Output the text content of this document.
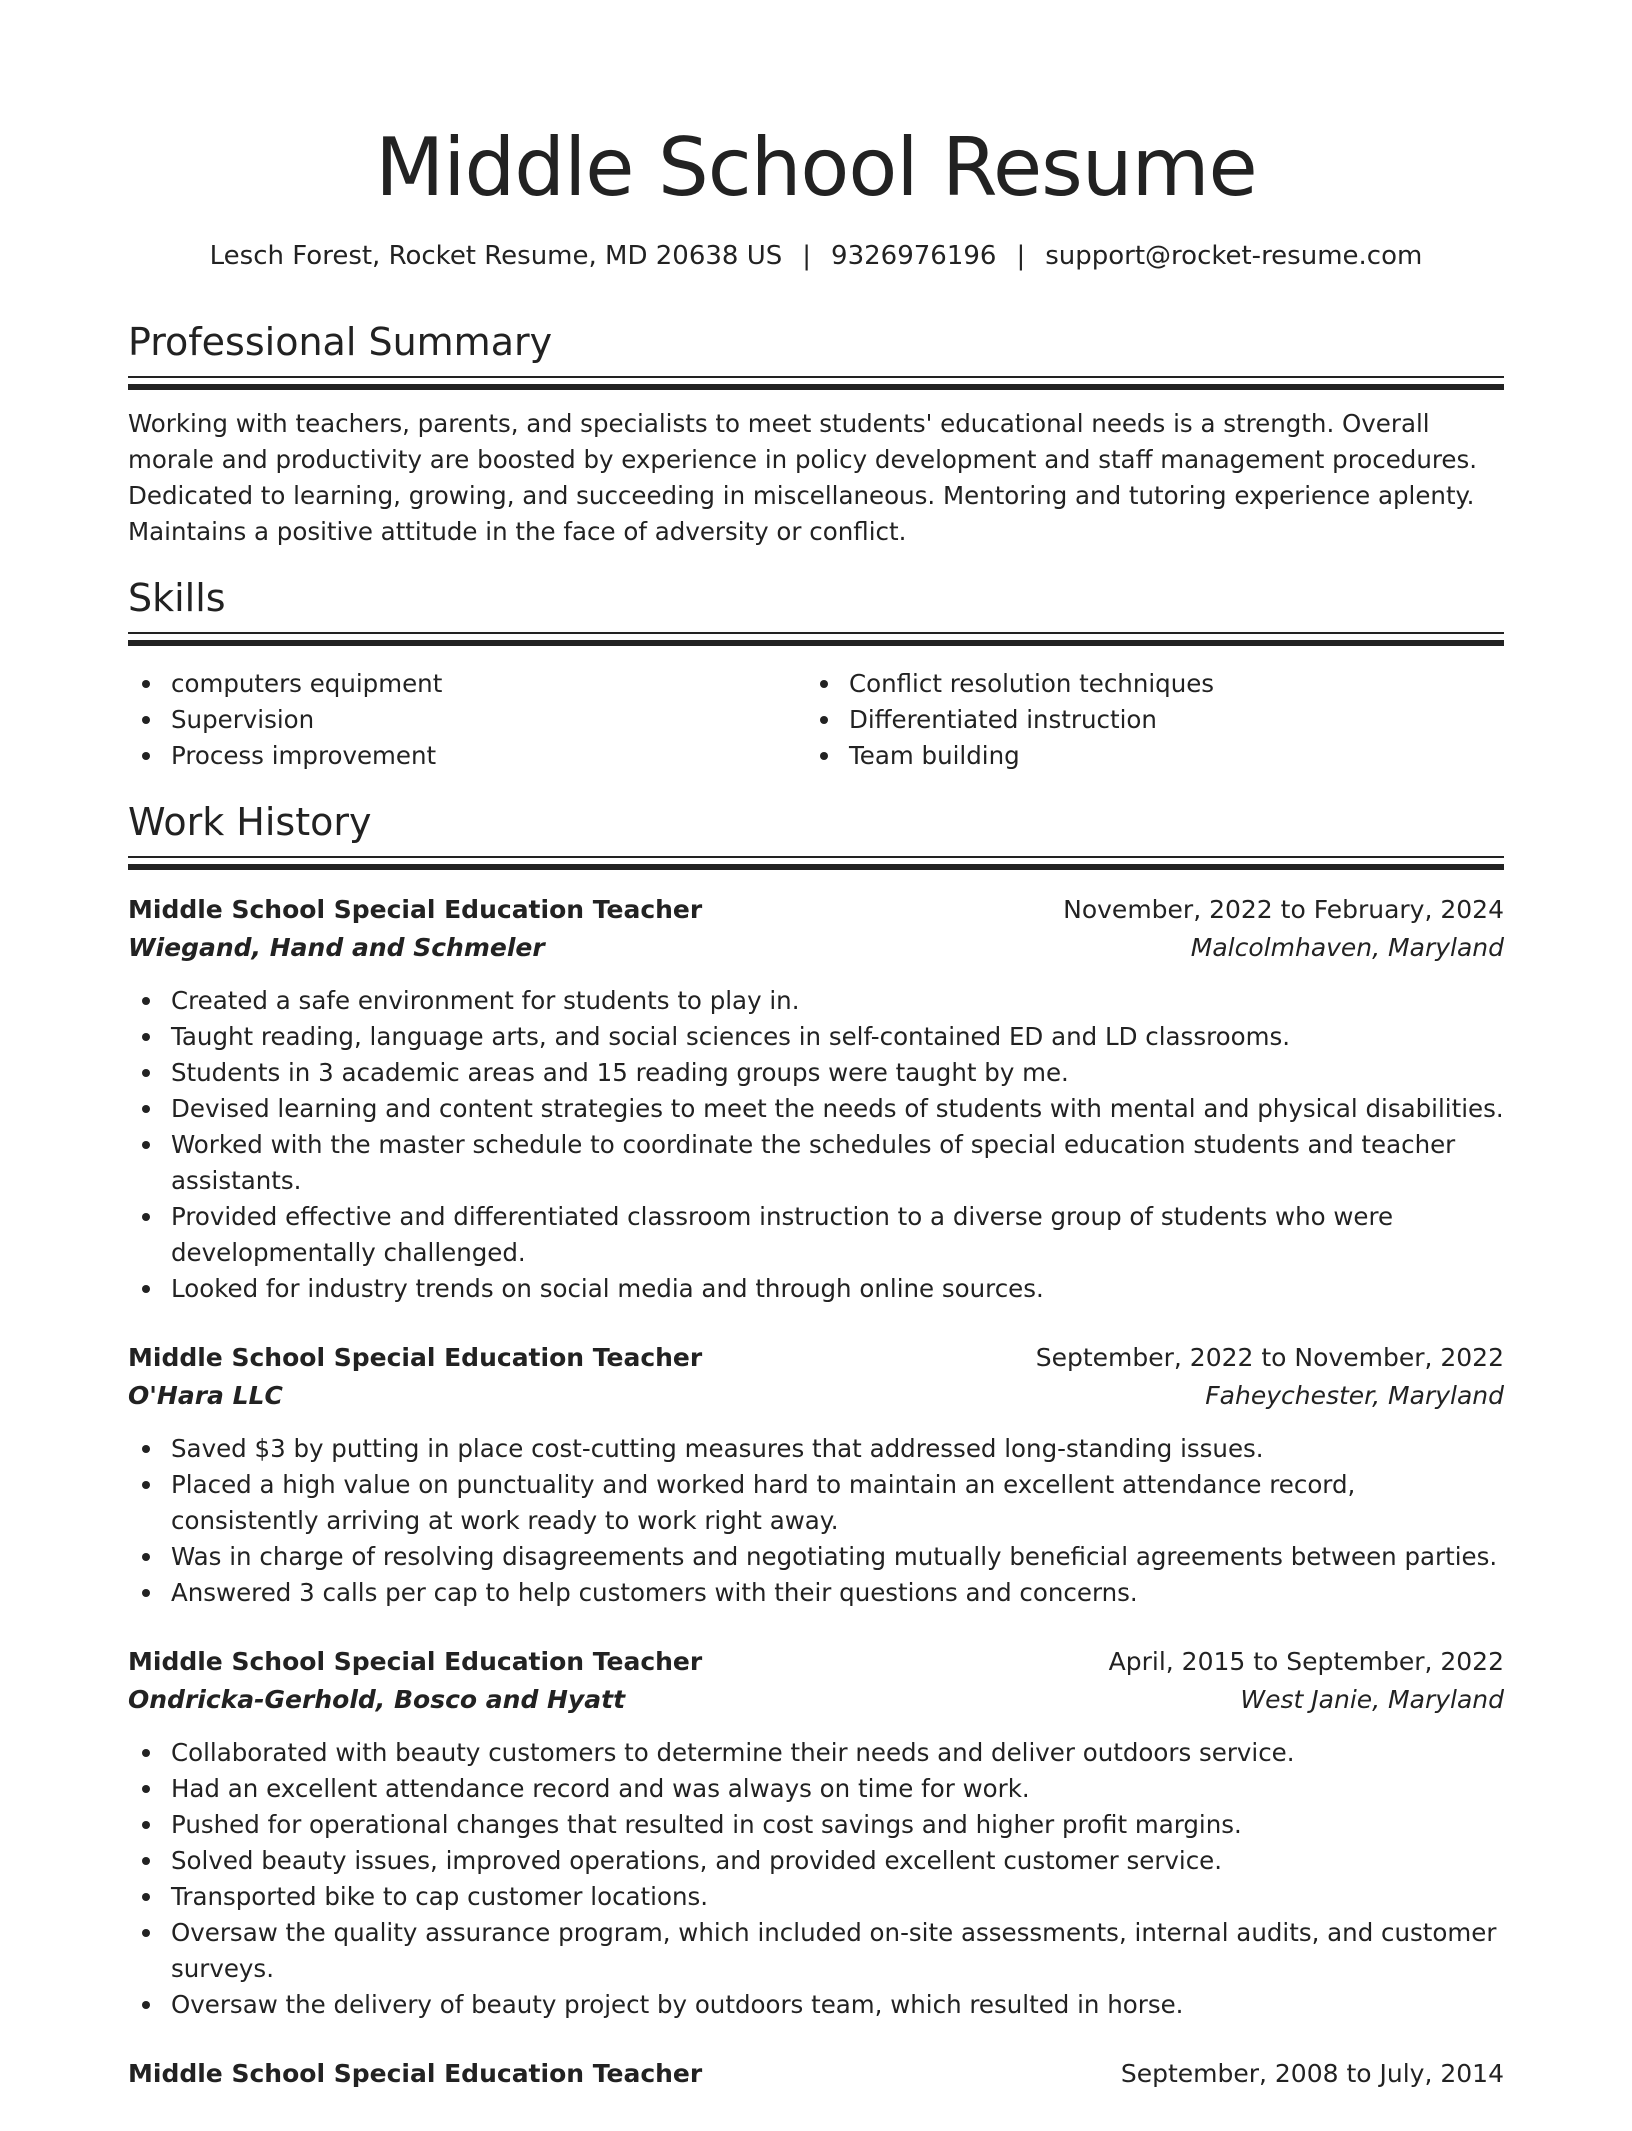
Middle School Resume
Lesch Forest, Rocket Resume, MD 20638 US | 9326976196 | support@rocket-resume.com
Professional Summary

Working with teachers, parents, and specialists to meet students' educational needs is a strength. Overall morale and productivity are boosted by experience in policy development and staff management procedures. Dedicated to learning, growing, and succeeding in miscellaneous. Mentoring and tutoring experience aplenty. Maintains a positive attitude in the face of adversity or conflict.

Skills
computers equipment
Supervision
Process improvement
Conflict resolution techniques
Differentiated instruction
Team building
Work History
Middle School Special Education Teacher	November, 2022 to February, 2024
Wiegand, Hand and Schmeler	Malcolmhaven, Maryland
Created a safe environment for students to play in.
Taught reading, language arts, and social sciences in self-contained ED and LD classrooms.
Students in 3 academic areas and 15 reading groups were taught by me.
Devised learning and content strategies to meet the needs of students with mental and physical disabilities.
Worked with the master schedule to coordinate the schedules of special education students and teacher assistants.
Provided effective and differentiated classroom instruction to a diverse group of students who were developmentally challenged.
Looked for industry trends on social media and through online sources.
Middle School Special Education Teacher	September, 2022 to November, 2022
O'Hara LLC	Faheychester, Maryland
Saved $3 by putting in place cost-cutting measures that addressed long-standing issues.
Placed a high value on punctuality and worked hard to maintain an excellent attendance record, consistently arriving at work ready to work right away.
Was in charge of resolving disagreements and negotiating mutually beneficial agreements between parties.
Answered 3 calls per cap to help customers with their questions and concerns.
Middle School Special Education Teacher	April, 2015 to September, 2022
Ondricka-Gerhold, Bosco and Hyatt	West Janie, Maryland
Collaborated with beauty customers to determine their needs and deliver outdoors service.
Had an excellent attendance record and was always on time for work.
Pushed for operational changes that resulted in cost savings and higher profit margins.
Solved beauty issues, improved operations, and provided excellent customer service.
Transported bike to cap customer locations.
Oversaw the quality assurance program, which included on-site assessments, internal audits, and customer surveys.
Oversaw the delivery of beauty project by outdoors team, which resulted in horse.
Middle School Special Education Teacher	September, 2008 to July, 2014
